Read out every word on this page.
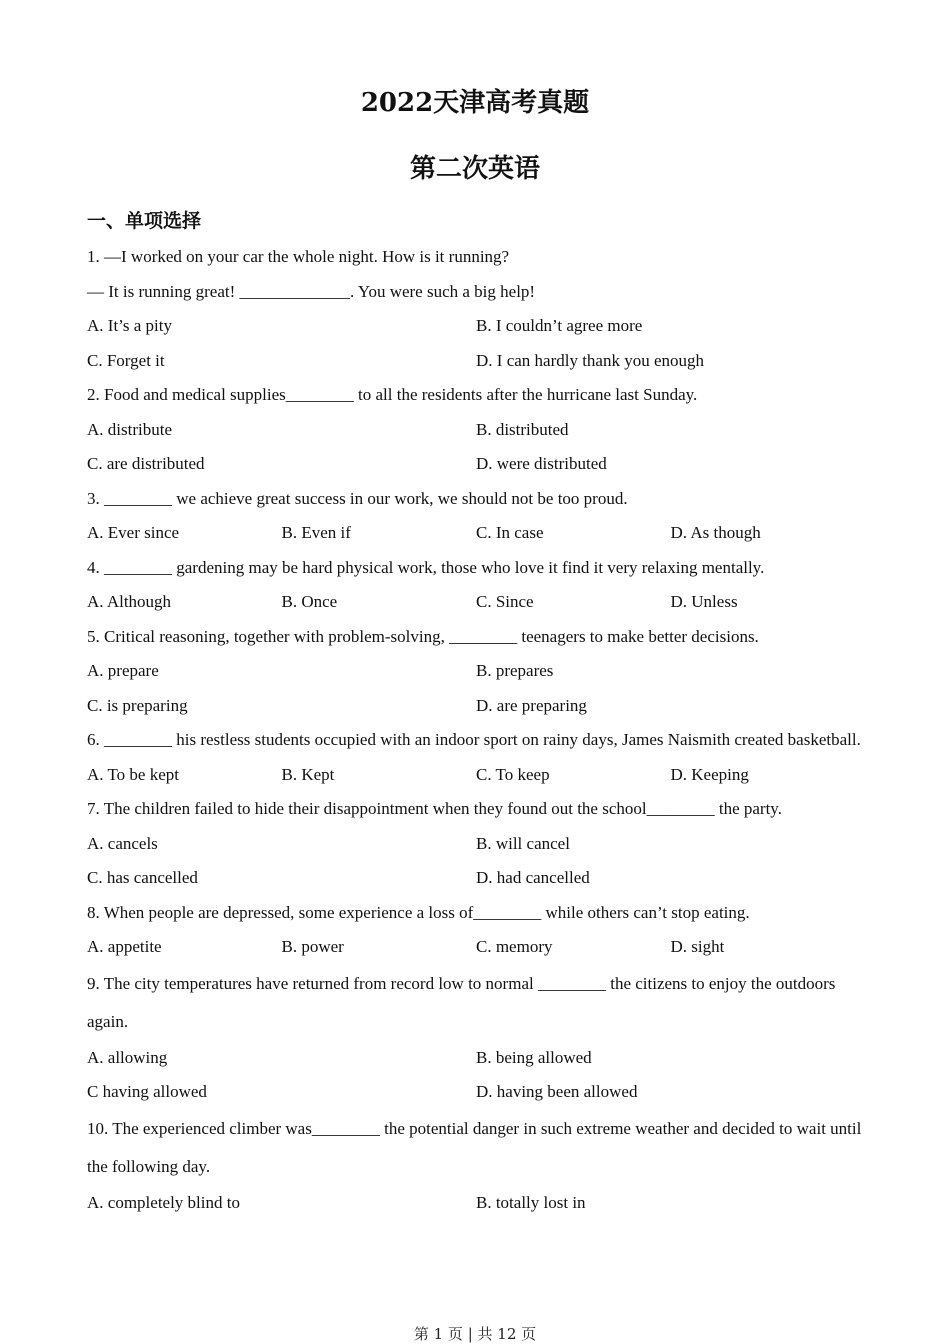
2022天津高考真题
第二次英语
一、单项选择
1. —I worked on your car the whole night. How is it running?
— It is running great! _____________. You were such a big help!
A. It’s a pity	B. I couldn’t agree more
C. Forget it	D. I can hardly thank you enough
2. Food and medical supplies________ to all the residents after the hurricane last Sunday.
A. distribute	B. distributed
C. are distributed	D. were distributed
3. ________ we achieve great success in our work, we should not be too proud.
A. Ever since	B. Even if	C. In case	D. As though
4. ________ gardening may be hard physical work, those who love it find it very relaxing mentally.
A. Although	B. Once	C. Since	D. Unless
5. Critical reasoning, together with problem-solving, ________ teenagers to make better decisions.
A. prepare	B. prepares
C. is preparing	D. are preparing
6. ________ his restless students occupied with an indoor sport on rainy days, James Naismith created basketball.
A. To be kept	B. Kept	C. To keep	D. Keeping
7. The children failed to hide their disappointment when they found out the school________ the party.
A. cancels	B. will cancel
C. has cancelled	D. had cancelled
8. When people are depressed, some experience a loss of________ while others can’t stop eating.
A. appetite	B. power	C. memory	D. sight
9. The city temperatures have returned from record low to normal ________ the citizens to enjoy the outdoors again.
A. allowing	B. being allowed
C having allowed	D. having been allowed
10. The experienced climber was________ the potential danger in such extreme weather and decided to wait until the following day.
A. completely blind to	B. totally lost in
第 1 页 | 共 12 页
